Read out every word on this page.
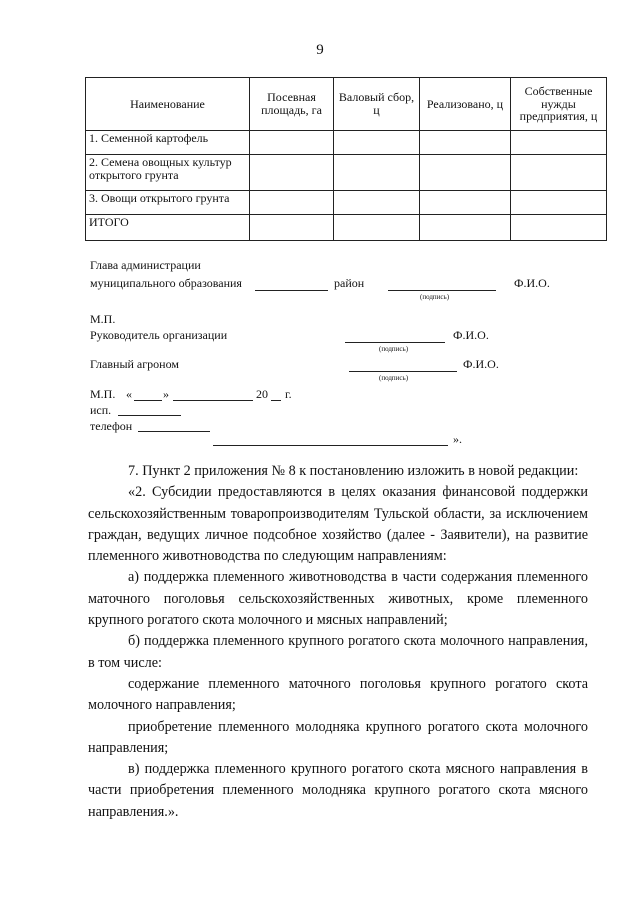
9
Наименование	Посевная площадь, га	Валовый сбор, ц	Реализовано, ц	Собственные нужды предприятия, ц
1. Семенной картофель				
2. Семена овощных культур открытого грунта				
3. Овощи открытого грунта				
ИТОГО				
Глава администрации
муниципального образования	район	Ф.И.О.
(подпись)
М.П.
Руководитель организации	Ф.И.О.
(подпись)
Главный агроном	Ф.И.О.
(подпись)
М.П. «	»	20 г.
исп.
телефон
».

7. Пункт 2 приложения № 8 к постановлению изложить в новой редакции:

«2. Субсидии предоставляются в целях оказания финансовой поддержки сельскохозяйственным товаропроизводителям Тульской области, за исключением граждан, ведущих личное подсобное хозяйство (далее - Заявители), на развитие племенного животноводства по следующим направлениям:

а) поддержка племенного животноводства в части содержания племенного маточного поголовья сельскохозяйственных животных, кроме племенного крупного рогатого скота молочного и мясных направлений;

б) поддержка племенного крупного рогатого скота молочного направления, в том числе:

содержание племенного маточного поголовья крупного рогатого скота молочного направления;

приобретение племенного молодняка крупного рогатого скота молочного направления;

в) поддержка племенного крупного рогатого скота мясного направления в части приобретения племенного молодняка крупного рогатого скота мясного направления.».
